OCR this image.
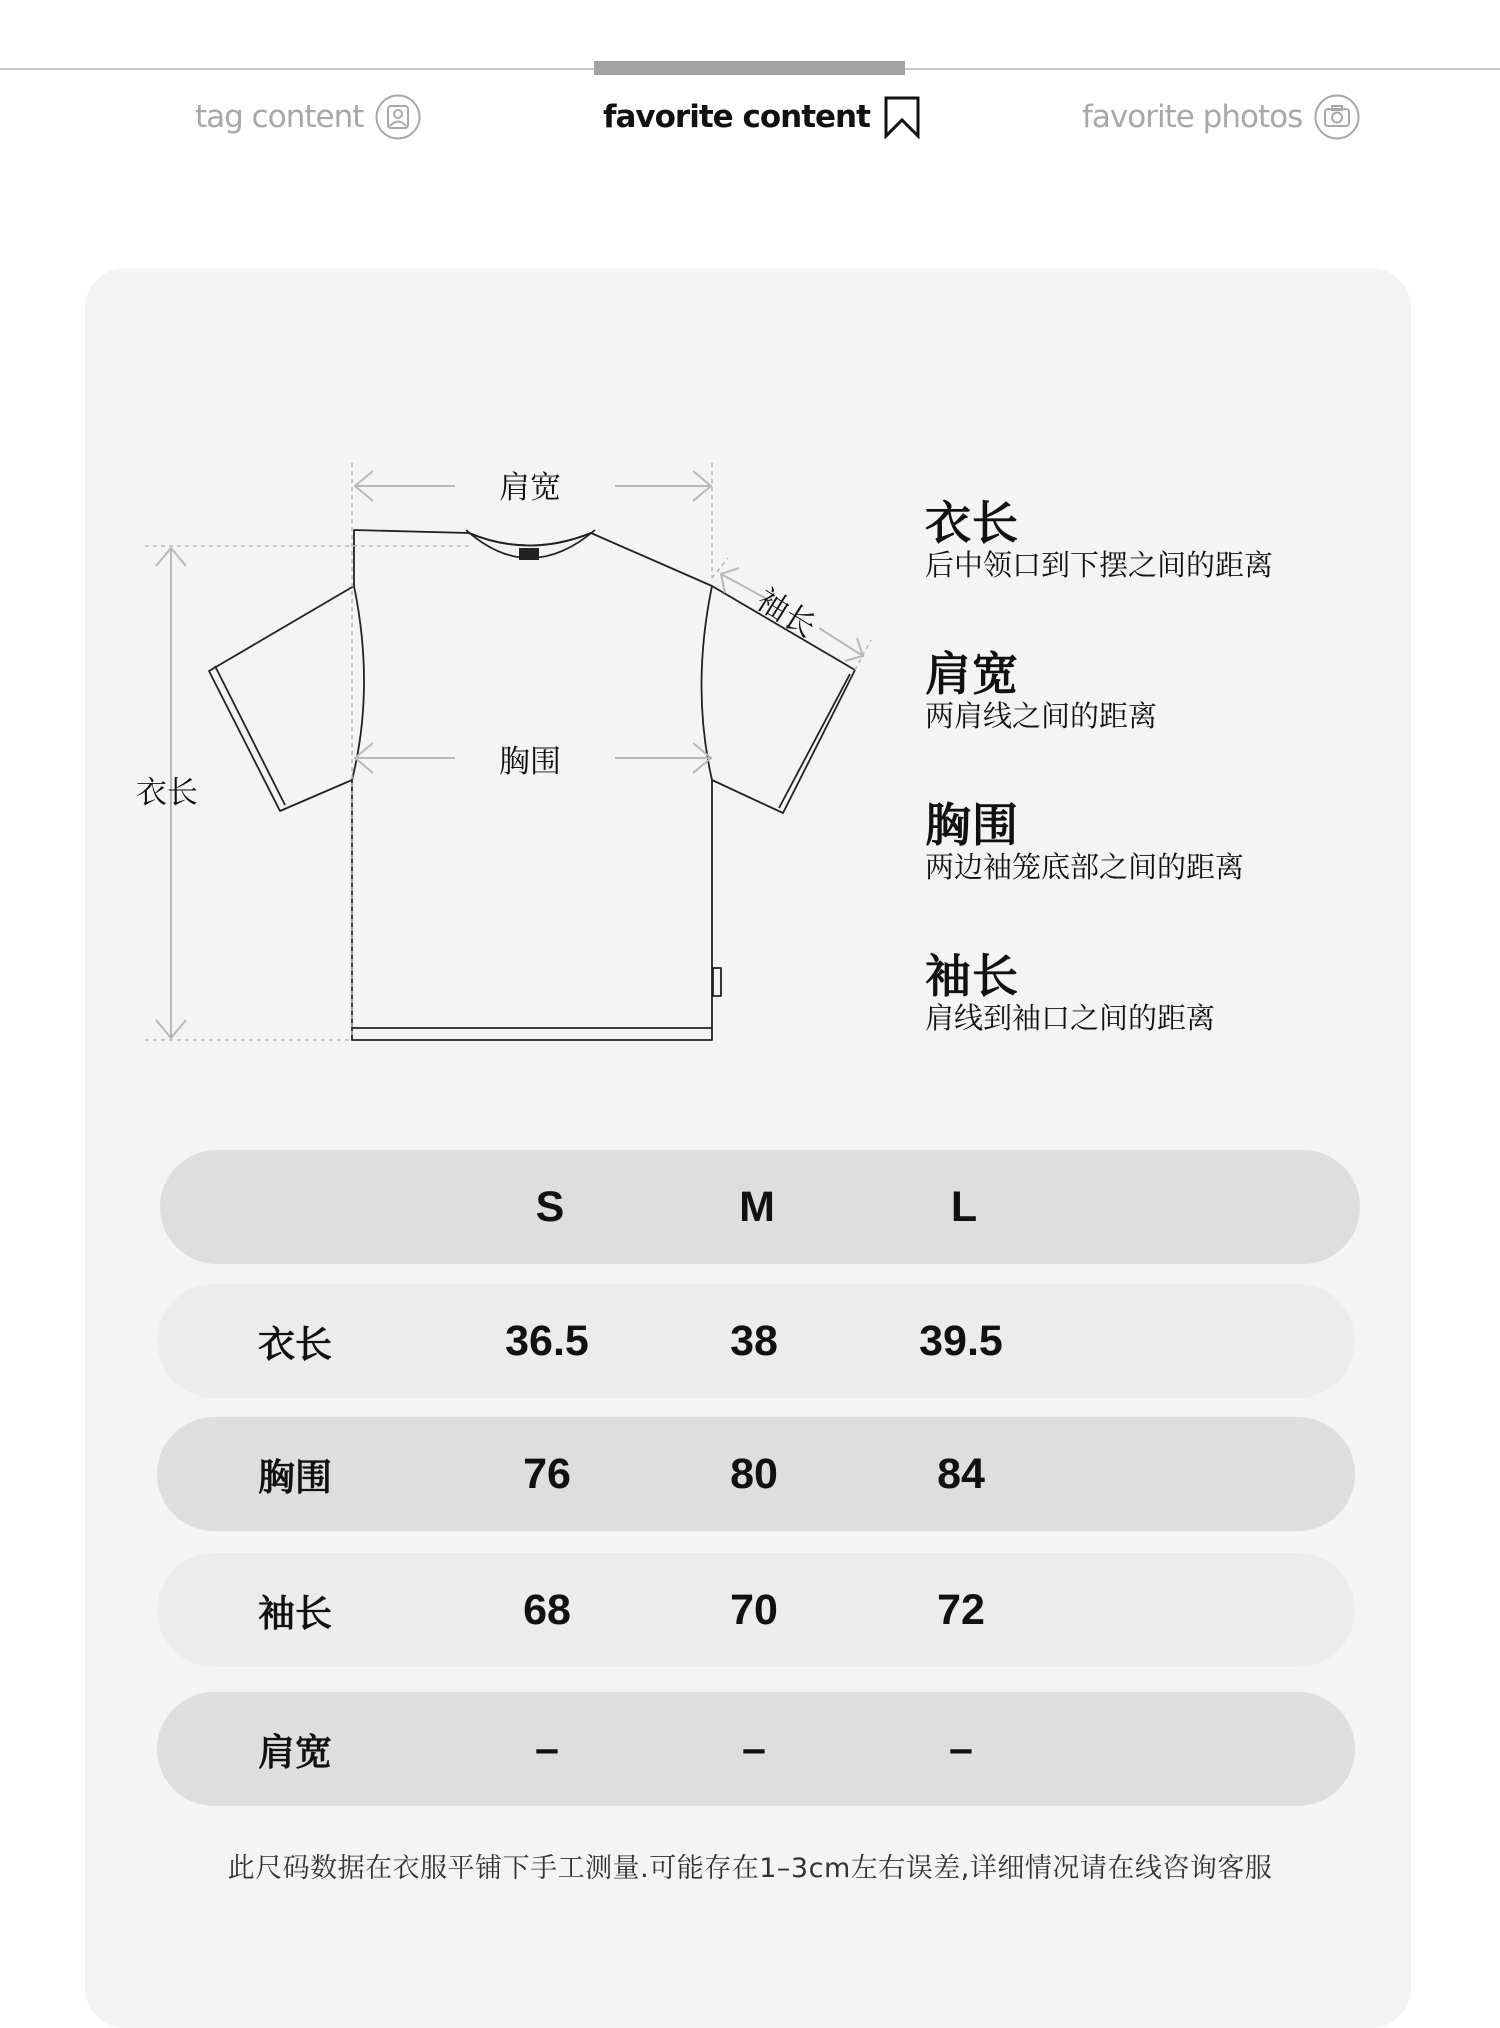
tag content	favorite content	favorite photos
肩宽
胸围
衣长
袖长
衣长
后中领口到下摆之间的距离
肩宽
两肩线之间的距离
胸围
两边袖笼底部之间的距离
袖长
肩线到袖口之间的距离
S	M	L
衣长	36.5	38	39.5
胸围	76	80	84
袖长	68	70	72
肩宽	–	–	–
此尺码数据在衣服平铺下手工测量.可能存在1–3cm左右误差,详细情况请在线咨询客服
